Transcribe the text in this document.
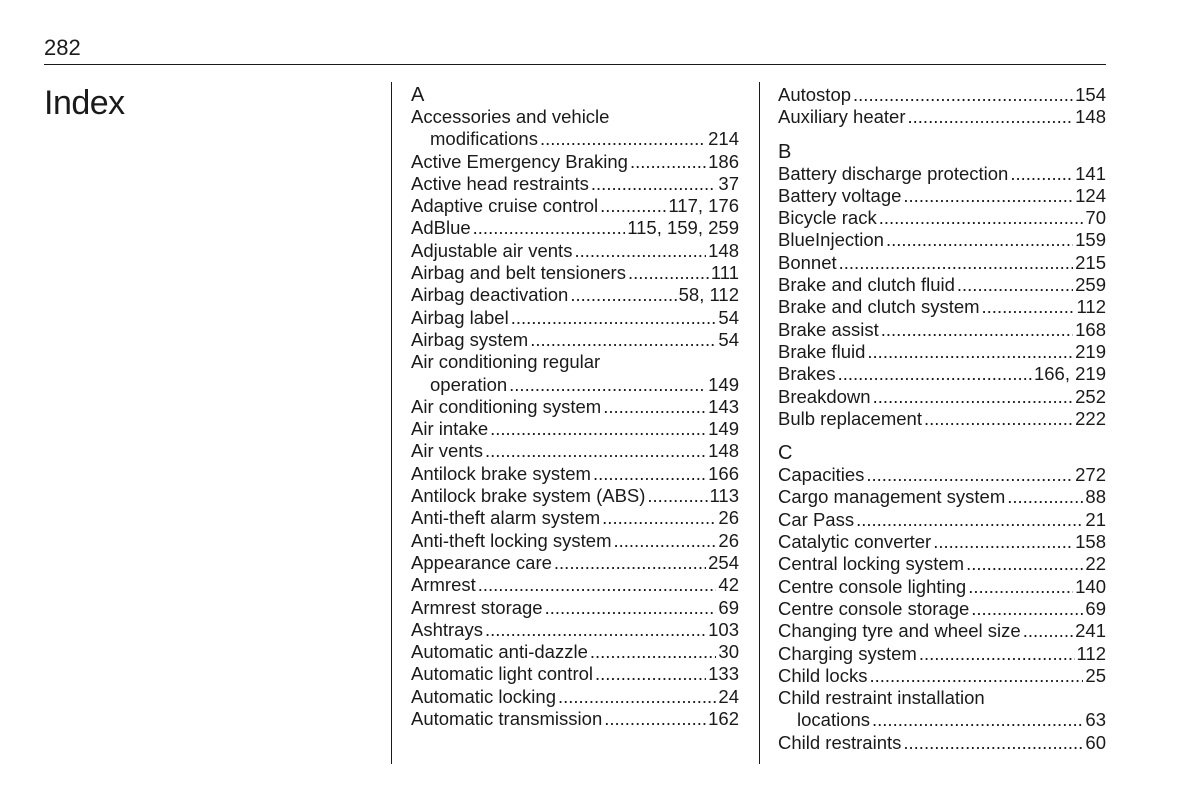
282
Index	A
Accessories and vehicle
modifications .....	214
Active Emergency Braking .....	186
Active head restraints .....	37
Adaptive cruise control .....	117, 176
AdBlue .....	115, 159, 259
Adjustable air vents .....	148
Airbag and belt tensioners .....	111
Airbag deactivation .....	58, 112
Airbag label .....	54
Airbag system .....	54
Air conditioning regular
operation .....	149
Air conditioning system .....	143
Air intake .....	149
Air vents .....	148
Antilock brake system .....	166
Antilock brake system (ABS) .....	113
Anti-theft alarm system .....	26
Anti-theft locking system .....	26
Appearance care .....	254
Armrest .....	42
Armrest storage .....	69
Ashtrays .....	103
Automatic anti-dazzle .....	30
Automatic light control .....	133
Automatic locking .....	24
Automatic transmission .....	162
Autostop .....	154
Auxiliary heater .....	148
B
Battery discharge protection .....	141
Battery voltage .....	124
Bicycle rack .....	70
BlueInjection .....	159
Bonnet .....	215
Brake and clutch fluid .....	259
Brake and clutch system .....	112
Brake assist .....	168
Brake fluid .....	219
Brakes .....	166, 219
Breakdown .....	252
Bulb replacement .....	222
C
Capacities .....	272
Cargo management system .....	88
Car Pass .....	21
Catalytic converter .....	158
Central locking system .....	22
Centre console lighting .....	140
Centre console storage .....	69
Changing tyre and wheel size .....	241
Charging system .....	112
Child locks .....	25
Child restraint installation
locations .....	63
Child restraints .....	60
